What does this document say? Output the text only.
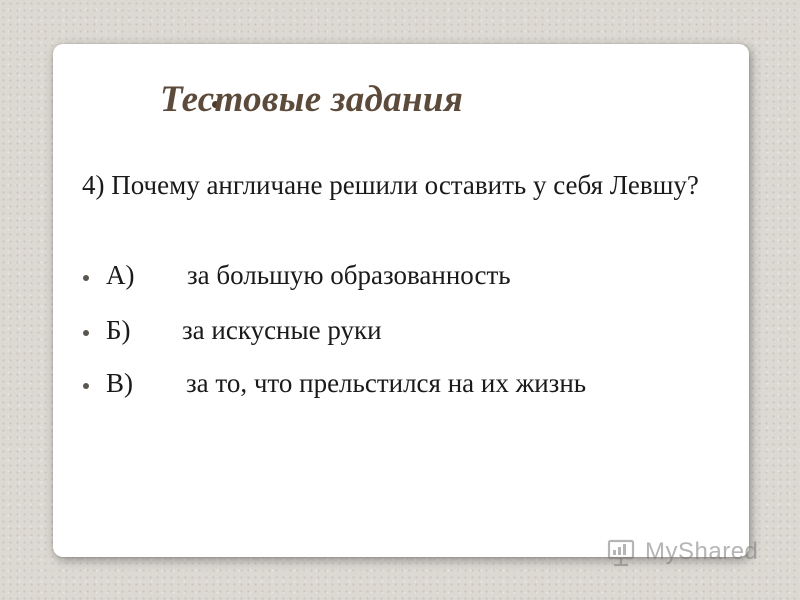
Тестовые задания

4) Почему англичане решили оставить у себя Левшу?

А) за большую образованность
Б) за искусные руки
В) за то, что прельстился на их жизнь
MyShared
